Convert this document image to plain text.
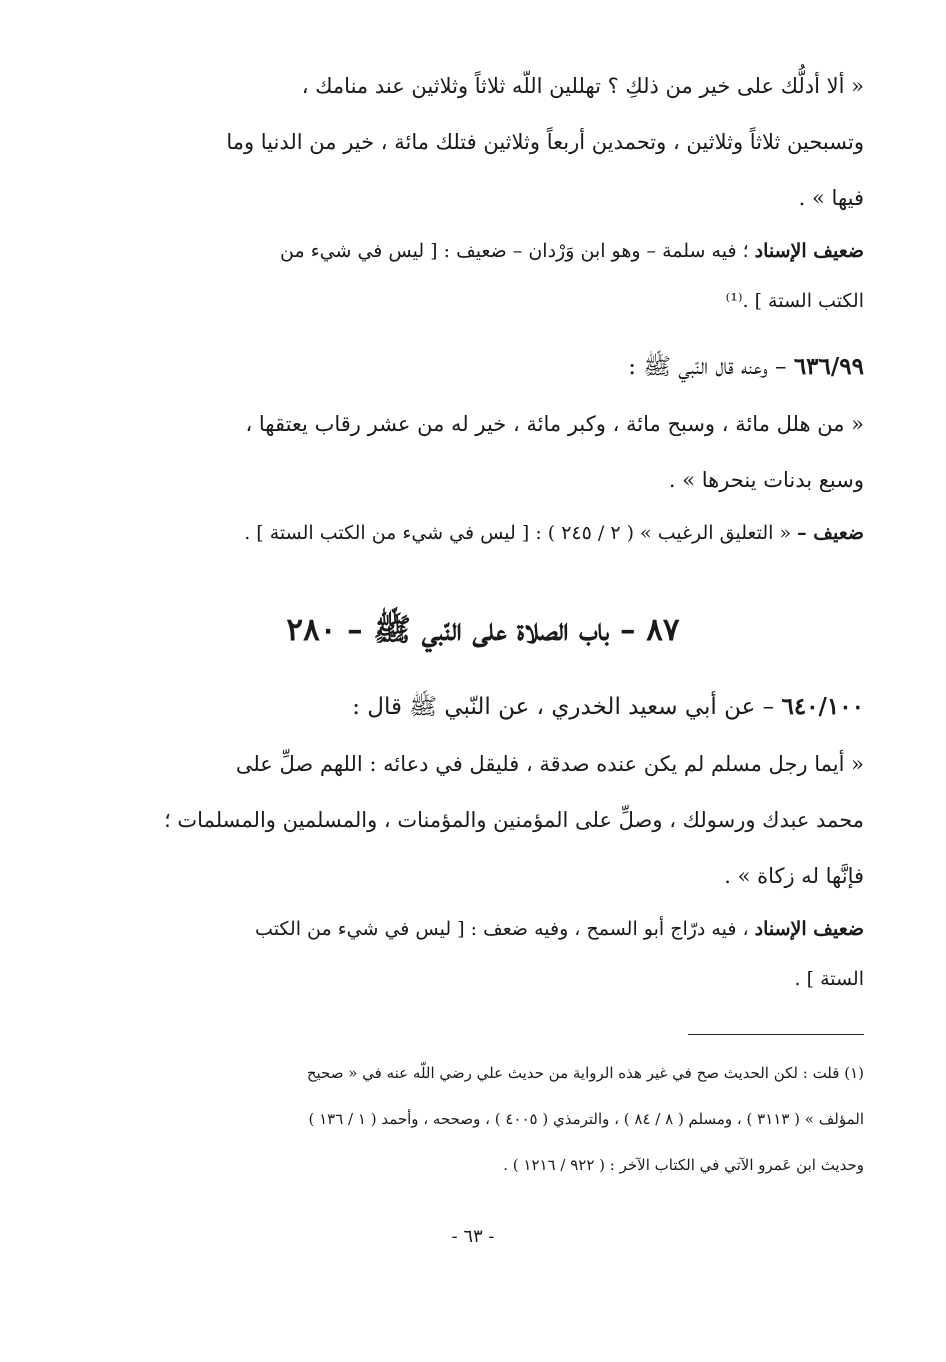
« ألا أدلُّك على خير من ذلكِ ؟ تهللين اللّه ثلاثاً وثلاثين عند منامك ،
وتسبحين ثلاثاً وثلاثين ، وتحمدين أربعاً وثلاثين فتلك مائة ، خير من الدنيا وما
فيها » .
ضعيف الإسناد ؛ فيه سلمة – وهو ابن وَرْدان – ضعيف : [ ليس في شيء من
الكتب الستة ] .⁽¹⁾
٦٣٦/٩٩ – وعنه قال النّبي ﷺ :
« من هلل مائة ، وسبح مائة ، وكبر مائة ، خير له من عشر رقاب يعتقها ،
وسبع بدنات ينحرها » .
ضعيف – « التعليق الرغيب » ( ٢ / ٢٤٥ ) : [ ليس في شيء من الكتب الستة ] .
٨٧ – باب الصلاة على النّبي ﷺ – ٢٨٠
٦٤٠/١٠٠ – عن أبي سعيد الخدري ، عن النّبي ﷺ قال :
« أيما رجل مسلم لم يكن عنده صدقة ، فليقل في دعائه : اللهم صلِّ على
محمد عبدك ورسولك ، وصلِّ على المؤمنين والمؤمنات ، والمسلمين والمسلمات ؛
فإنَّها له زكاة » .
ضعيف الإسناد ، فيه درّاج أبو السمح ، وفيه ضعف : [ ليس في شيء من الكتب
الستة ] .
(١) قلت : لكن الحديث صح في غير هذه الرواية من حديث علي رضي اللّه عنه في « صحيح
المؤلف » ( ٣١١٣ ) ، ومسلم ( ٨ / ٨٤ ) ، والترمذي ( ٤٠٠٥ ) ، وصححه ، وأحمد ( ١ / ١٣٦ )
وحديث ابن عَمرو الآتي في الكتاب الآخر : ( ٩٢٢ / ١٢١٦ ) .
- ٦٣ -
